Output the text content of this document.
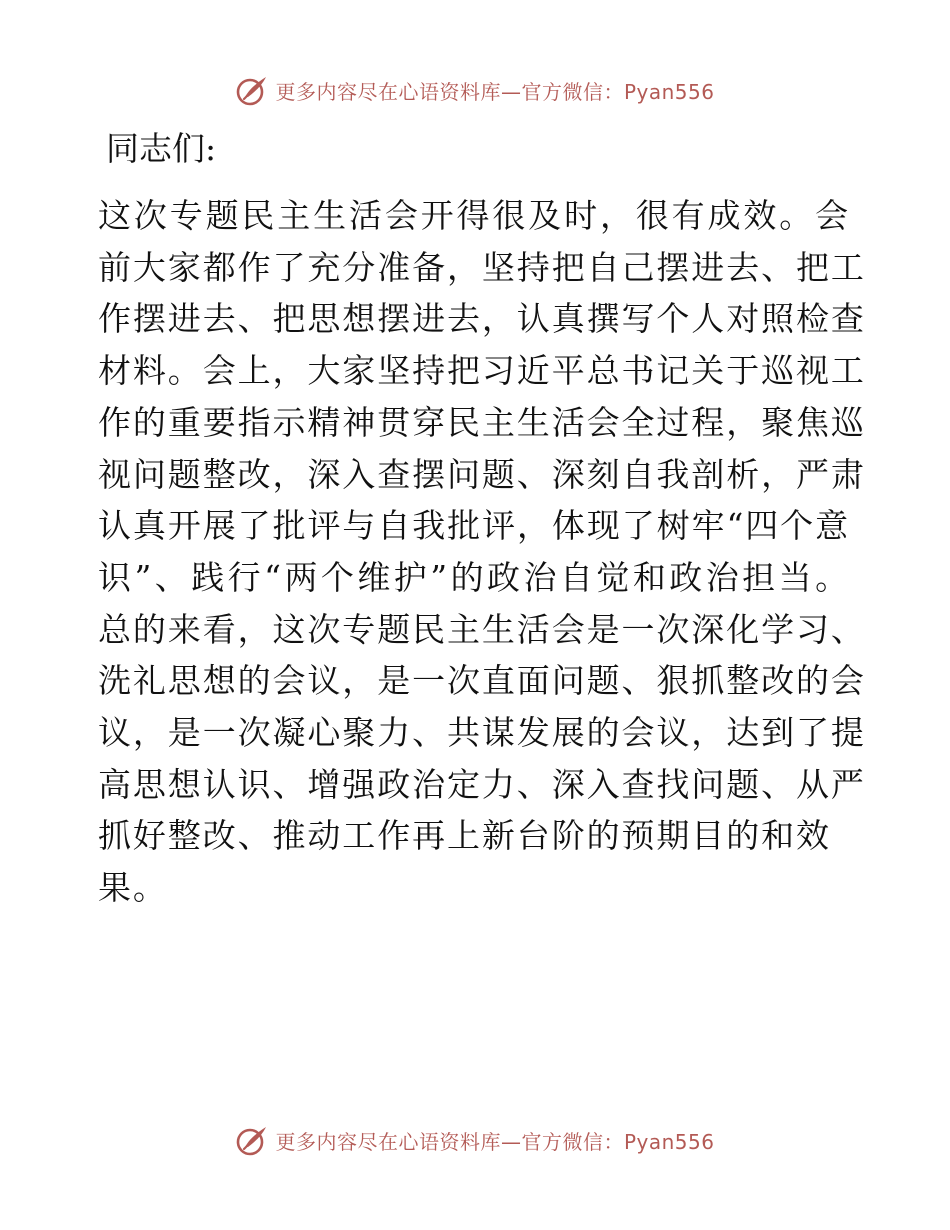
更多内容尽在心语资料库—官方微信：Pyan556
同志们:
这次专题民主生活会开得很及时，很有成效。会
前大家都作了充分准备，坚持把自己摆进去、把工
作摆进去、把思想摆进去，认真撰写个人对照检查
材料。会上，大家坚持把习近平总书记关于巡视工
作的重要指示精神贯穿民主生活会全过程，聚焦巡
视问题整改，深入查摆问题、深刻自我剖析，严肃
认真开展了批评与自我批评，体现了树牢“四个意
识”、践行“两个维护”的政治自觉和政治担当。
总的来看，这次专题民主生活会是一次深化学习、
洗礼思想的会议，是一次直面问题、狠抓整改的会
议，是一次凝心聚力、共谋发展的会议，达到了提
高思想认识、增强政治定力、深入查找问题、从严
抓好整改、推动工作再上新台阶的预期目的和效
果。
更多内容尽在心语资料库—官方微信：Pyan556
